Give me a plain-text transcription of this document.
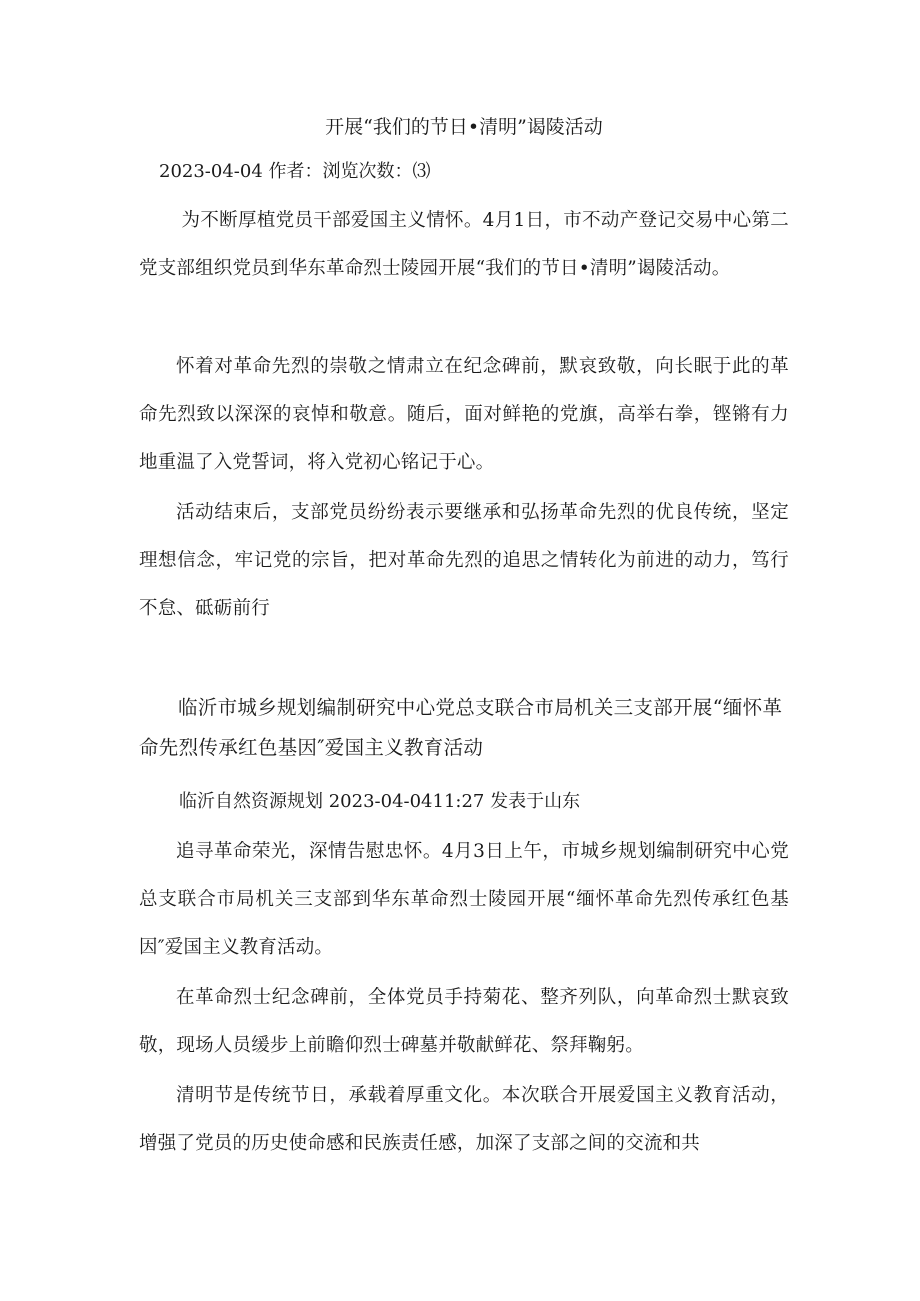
开展“我们的节日•清明”谒陵活动
2023-04-04 作者：浏览次数：⑶
为不断厚植党员干部爱国主义情怀。4月1日，市不动产登记交易中心第二党支部组织党员到华东革命烈士陵园开展“我们的节日•清明”谒陵活动。
怀着对革命先烈的崇敬之情肃立在纪念碑前，默哀致敬，向长眠于此的革命先烈致以深深的哀悼和敬意。随后，面对鲜艳的党旗，高举右拳，铿锵有力地重温了入党誓词，将入党初心铭记于心。
活动结束后，支部党员纷纷表示要继承和弘扬革命先烈的优良传统，坚定理想信念，牢记党的宗旨，把对革命先烈的追思之情转化为前进的动力，笃行不怠、砥砺前行
临沂市城乡规划编制研究中心党总支联合市局机关三支部开展“缅怀革命先烈传承红色基因″爱国主义教育活动
临沂自然资源规划 2023-04-0411:27 发表于山东
追寻革命荣光，深情告慰忠怀。4月3日上午，市城乡规划编制研究中心党总支联合市局机关三支部到华东革命烈士陵园开展“缅怀革命先烈传承红色基因″爱国主义教育活动。
在革命烈士纪念碑前，全体党员手持菊花、整齐列队，向革命烈士默哀致敬，现场人员缓步上前瞻仰烈士碑墓并敬献鲜花、祭拜鞠躬。
清明节是传统节日，承载着厚重文化。本次联合开展爱国主义教育活动，增强了党员的历史使命感和民族责任感，加深了支部之间的交流和共
